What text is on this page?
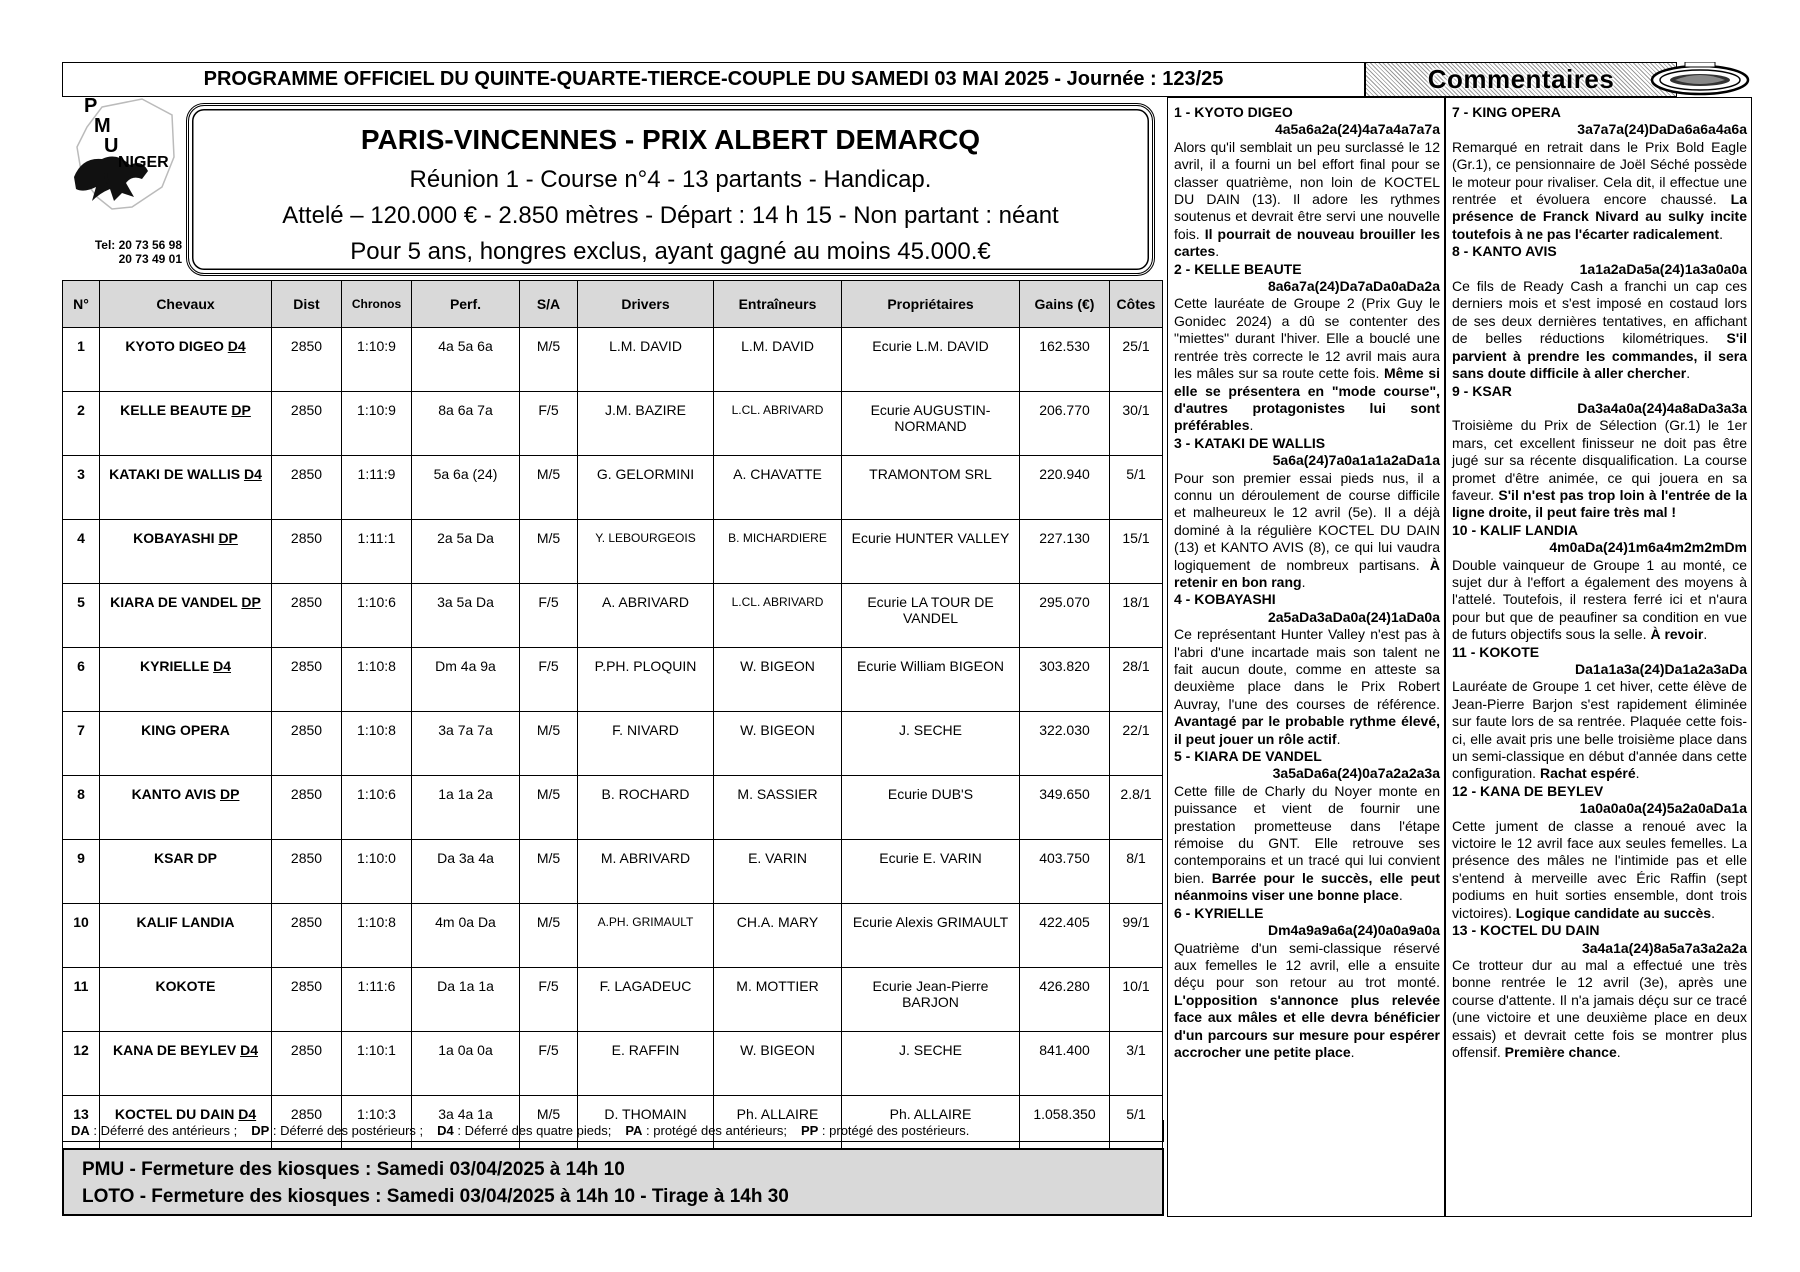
PROGRAMME OFFICIEL DU QUINTE-QUARTE-TIERCE-COUPLE DU SAMEDI 03 MAI 2025 - Journée : 123/25	Commentaires
P
M
U
NIGER
Tel: 20 73 56 98
20 73 49 01
PARIS-VINCENNES - PRIX ALBERT DEMARCQ
Réunion 1 - Course n°4 - 13 partants - Handicap.
Attelé – 120.000 € - 2.850 mètres - Départ : 14 h 15 - Non partant : néant
Pour 5 ans, hongres exclus, ayant gagné au moins 45.000.€
N°	Chevaux	Dist	Chronos	Perf.	S/A	Drivers	Entraîneurs	Propriétaires	Gains (€)	Côtes
1	KYOTO DIGEO D4	2850	1:10:9	4a 5a 6a	M/5	L.M. DAVID	L.M. DAVID	Ecurie L.M. DAVID	162.530	25/1
2	KELLE BEAUTE DP	2850	1:10:9	8a 6a 7a	F/5	J.M. BAZIRE	L.CL. ABRIVARD	Ecurie AUGUSTIN-NORMAND	206.770	30/1
3	KATAKI DE WALLIS D4	2850	1:11:9	5a 6a (24)	M/5	G. GELORMINI	A. CHAVATTE	TRAMONTOM SRL	220.940	5/1
4	KOBAYASHI DP	2850	1:11:1	2a 5a Da	M/5	Y. LEBOURGEOIS	B. MICHARDIERE	Ecurie HUNTER VALLEY	227.130	15/1
5	KIARA DE VANDEL DP	2850	1:10:6	3a 5a Da	F/5	A. ABRIVARD	L.CL. ABRIVARD	Ecurie LA TOUR DE VANDEL	295.070	18/1
6	KYRIELLE D4	2850	1:10:8	Dm 4a 9a	F/5	P.PH. PLOQUIN	W. BIGEON	Ecurie William BIGEON	303.820	28/1
7	KING OPERA	2850	1:10:8	3a 7a 7a	M/5	F. NIVARD	W. BIGEON	J. SECHE	322.030	22/1
8	KANTO AVIS DP	2850	1:10:6	1a 1a 2a	M/5	B. ROCHARD	M. SASSIER	Ecurie DUB'S	349.650	2.8/1
9	KSAR DP	2850	1:10:0	Da 3a 4a	M/5	M. ABRIVARD	E. VARIN	Ecurie E. VARIN	403.750	8/1
10	KALIF LANDIA	2850	1:10:8	4m 0a Da	M/5	A.PH. GRIMAULT	CH.A. MARY	Ecurie Alexis GRIMAULT	422.405	99/1
11	KOKOTE	2850	1:11:6	Da 1a 1a	F/5	F. LAGADEUC	M. MOTTIER	Ecurie Jean-Pierre BARJON	426.280	10/1
12	KANA DE BEYLEV D4	2850	1:10:1	1a 0a 0a	F/5	E. RAFFIN	W. BIGEON	J. SECHE	841.400	3/1
13	KOCTEL DU DAIN D4	2850	1:10:3	3a 4a 1a	M/5	D. THOMAIN	Ph. ALLAIRE	Ph. ALLAIRE	1.058.350	5/1
DA : Déferré des antérieurs ; DP : Déferré des postérieurs ; D4 : Déferré des quatre pieds; PA : protégé des antérieurs; PP : protégé des postérieurs.
PMU - Fermeture des kiosques : Samedi 03/04/2025 à 14h 10
LOTO - Fermeture des kiosques : Samedi 03/04/2025 à 14h 10 - Tirage à 14h 30
1 - KYOTO DIGEO
4a5a6a2a(24)4a7a4a7a7a
Alors qu'il semblait un peu surclassé le 12 avril, il a fourni un bel effort final pour se classer quatrième, non loin de KOCTEL DU DAIN (13). Il adore les rythmes soutenus et devrait être servi une nouvelle fois. Il pourrait de nouveau brouiller les cartes.
2 - KELLE BEAUTE
8a6a7a(24)Da7aDa0aDa2a
Cette lauréate de Groupe 2 (Prix Guy le Gonidec 2024) a dû se contenter des "miettes" durant l'hiver. Elle a bouclé une rentrée très correcte le 12 avril mais aura les mâles sur sa route cette fois. Même si elle se présentera en "mode course", d'autres protagonistes lui sont préférables.
3 - KATAKI DE WALLIS
5a6a(24)7a0a1a1a2aDa1a
Pour son premier essai pieds nus, il a connu un déroulement de course difficile et malheureux le 12 avril (5e). Il a déjà dominé à la régulière KOCTEL DU DAIN (13) et KANTO AVIS (8), ce qui lui vaudra logiquement de nombreux partisans. À retenir en bon rang.
4 - KOBAYASHI
2a5aDa3aDa0a(24)1aDa0a
Ce représentant Hunter Valley n'est pas à l'abri d'une incartade mais son talent ne fait aucun doute, comme en atteste sa deuxième place dans le Prix Robert Auvray, l'une des courses de référence. Avantagé par le probable rythme élevé, il peut jouer un rôle actif.
5 - KIARA DE VANDEL
3a5aDa6a(24)0a7a2a2a3a
Cette fille de Charly du Noyer monte en puissance et vient de fournir une prestation prometteuse dans l'étape rémoise du GNT. Elle retrouve ses contemporains et un tracé qui lui convient bien. Barrée pour le succès, elle peut néanmoins viser une bonne place.
6 - KYRIELLE
Dm4a9a9a6a(24)0a0a9a0a
Quatrième d'un semi-classique réservé aux femelles le 12 avril, elle a ensuite déçu pour son retour au trot monté. L'opposition s'annonce plus relevée face aux mâles et elle devra bénéficier d'un parcours sur mesure pour espérer accrocher une petite place.
7 - KING OPERA
3a7a7a(24)DaDa6a6a4a6a
Remarqué en retrait dans le Prix Bold Eagle (Gr.1), ce pensionnaire de Joël Séché possède le moteur pour rivaliser. Cela dit, il effectue une rentrée et évoluera encore chaussé. La présence de Franck Nivard au sulky incite toutefois à ne pas l'écarter radicalement.
8 - KANTO AVIS
1a1a2aDa5a(24)1a3a0a0a
Ce fils de Ready Cash a franchi un cap ces derniers mois et s'est imposé en costaud lors de ses deux dernières tentatives, en affichant de belles réductions kilométriques. S'il parvient à prendre les commandes, il sera sans doute difficile à aller chercher.
9 - KSAR
Da3a4a0a(24)4a8aDa3a3a
Troisième du Prix de Sélection (Gr.1) le 1er mars, cet excellent finisseur ne doit pas être jugé sur sa récente disqualification. La course promet d'être animée, ce qui jouera en sa faveur. S'il n'est pas trop loin à l'entrée de la ligne droite, il peut faire très mal !
10 - KALIF LANDIA
4m0aDa(24)1m6a4m2m2mDm
Double vainqueur de Groupe 1 au monté, ce sujet dur à l'effort a également des moyens à l'attelé. Toutefois, il restera ferré ici et n'aura pour but que de peaufiner sa condition en vue de futurs objectifs sous la selle. À revoir.
11 - KOKOTE
Da1a1a3a(24)Da1a2a3aDa
Lauréate de Groupe 1 cet hiver, cette élève de Jean-Pierre Barjon s'est rapidement éliminée sur faute lors de sa rentrée. Plaquée cette fois-ci, elle avait pris une belle troisième place dans un semi-classique en début d'année dans cette configuration. Rachat espéré.
12 - KANA DE BEYLEV
1a0a0a0a(24)5a2a0aDa1a
Cette jument de classe a renoué avec la victoire le 12 avril face aux seules femelles. La présence des mâles ne l'intimide pas et elle s'entend à merveille avec Éric Raffin (sept podiums en huit sorties ensemble, dont trois victoires). Logique candidate au succès.
13 - KOCTEL DU DAIN
3a4a1a(24)8a5a7a3a2a2a
Ce trotteur dur au mal a effectué une très bonne rentrée le 12 avril (3e), après une course d'attente. Il n'a jamais déçu sur ce tracé (une victoire et une deuxième place en deux essais) et devrait cette fois se montrer plus offensif. Première chance.
